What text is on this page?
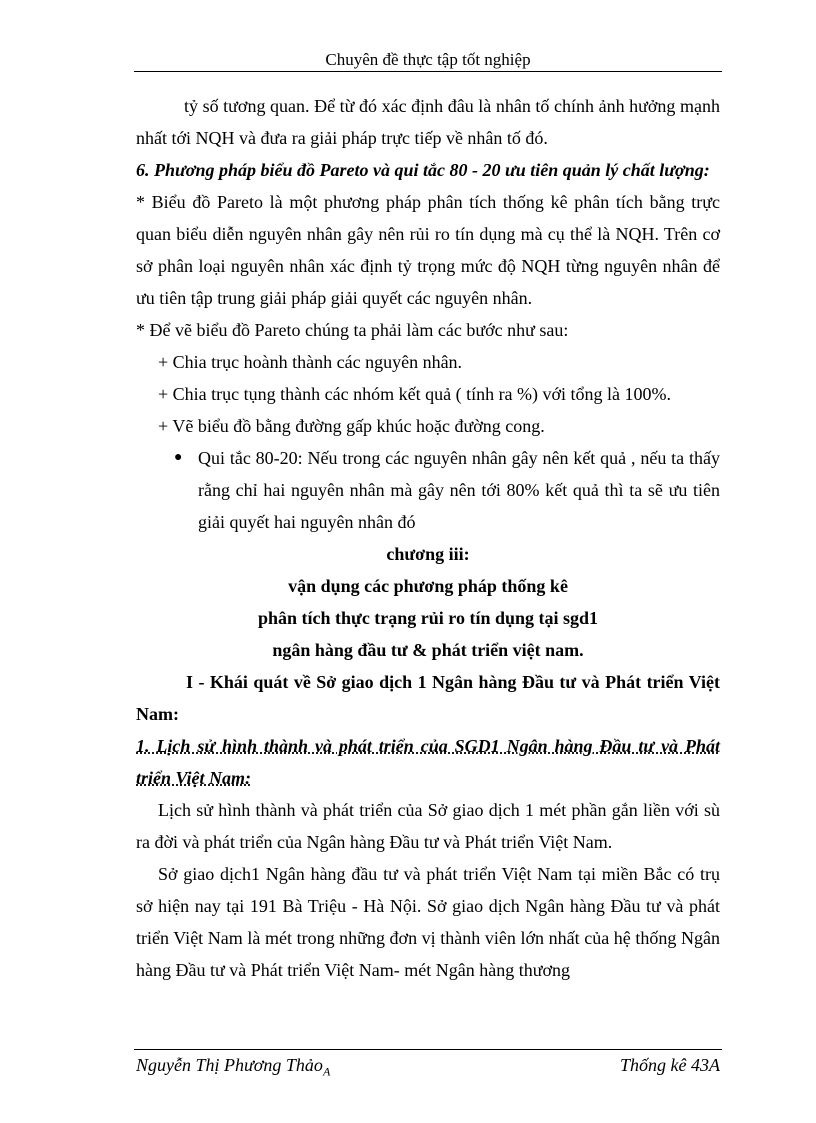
Chuyên đề thực tập tốt nghiệp

tỷ số tương quan. Để từ đó xác định đâu là nhân tố chính ảnh hưởng mạnh nhất tới NQH và đưa ra giải pháp trực tiếp về nhân tố đó.

6. Phương pháp biểu đồ Pareto và qui tắc 80 - 20 ưu tiên quản lý chất lượng:

* Biểu đồ Pareto là một phương pháp phân tích thống kê phân tích bằng trực quan biểu diễn nguyên nhân gây nên rủi ro tín dụng mà cụ thể là NQH. Trên cơ sở phân loại nguyên nhân xác định tỷ trọng mức độ NQH từng nguyên nhân để ưu tiên tập trung giải pháp giải quyết các nguyên nhân.

* Để vẽ biểu đồ Pareto chúng ta phải làm các bước như sau:

+ Chia trục hoành thành các nguyên nhân.

+ Chia trục tụng thành các nhóm kết quả ( tính ra %) với tổng là 100%.

+ Vẽ biểu đồ bằng đường gấp khúc hoặc đường cong.

● Qui tắc 80-20: Nếu trong các nguyên nhân gây nên kết quả , nếu ta thấy rằng chỉ hai nguyên nhân mà gây nên tới 80% kết quả thì ta sẽ ưu tiên giải quyết hai nguyên nhân đó

chương iii:

vận dụng các phương pháp thống kê

phân tích thực trạng rủi ro tín dụng tại sgd1

ngân hàng đầu tư & phát triển việt nam.

I - Khái quát về Sở giao dịch 1 Ngân hàng Đầu tư và Phát triển Việt Nam:

1. Lịch sử hình thành và phát triển của SGD1 Ngân hàng Đầu tư và Phát triển Việt Nam:

Lịch sử hình thành và phát triển của Sở giao dịch 1 mét phần gắn liền với sù ra đời và phát triển của Ngân hàng Đầu tư và Phát triển Việt Nam.

Sở giao dịch1 Ngân hàng đầu tư và phát triển Việt Nam tại miền Bắc có trụ sở hiện nay tại 191 Bà Triệu - Hà Nội. Sở giao dịch Ngân hàng Đầu tư và phát triển Việt Nam là mét trong những đơn vị thành viên lớn nhất của hệ thống Ngân hàng Đầu tư và Phát triển Việt Nam- mét Ngân hàng thương

Nguyễn Thị Phương Thảo$_A$	Thống kê 43A
